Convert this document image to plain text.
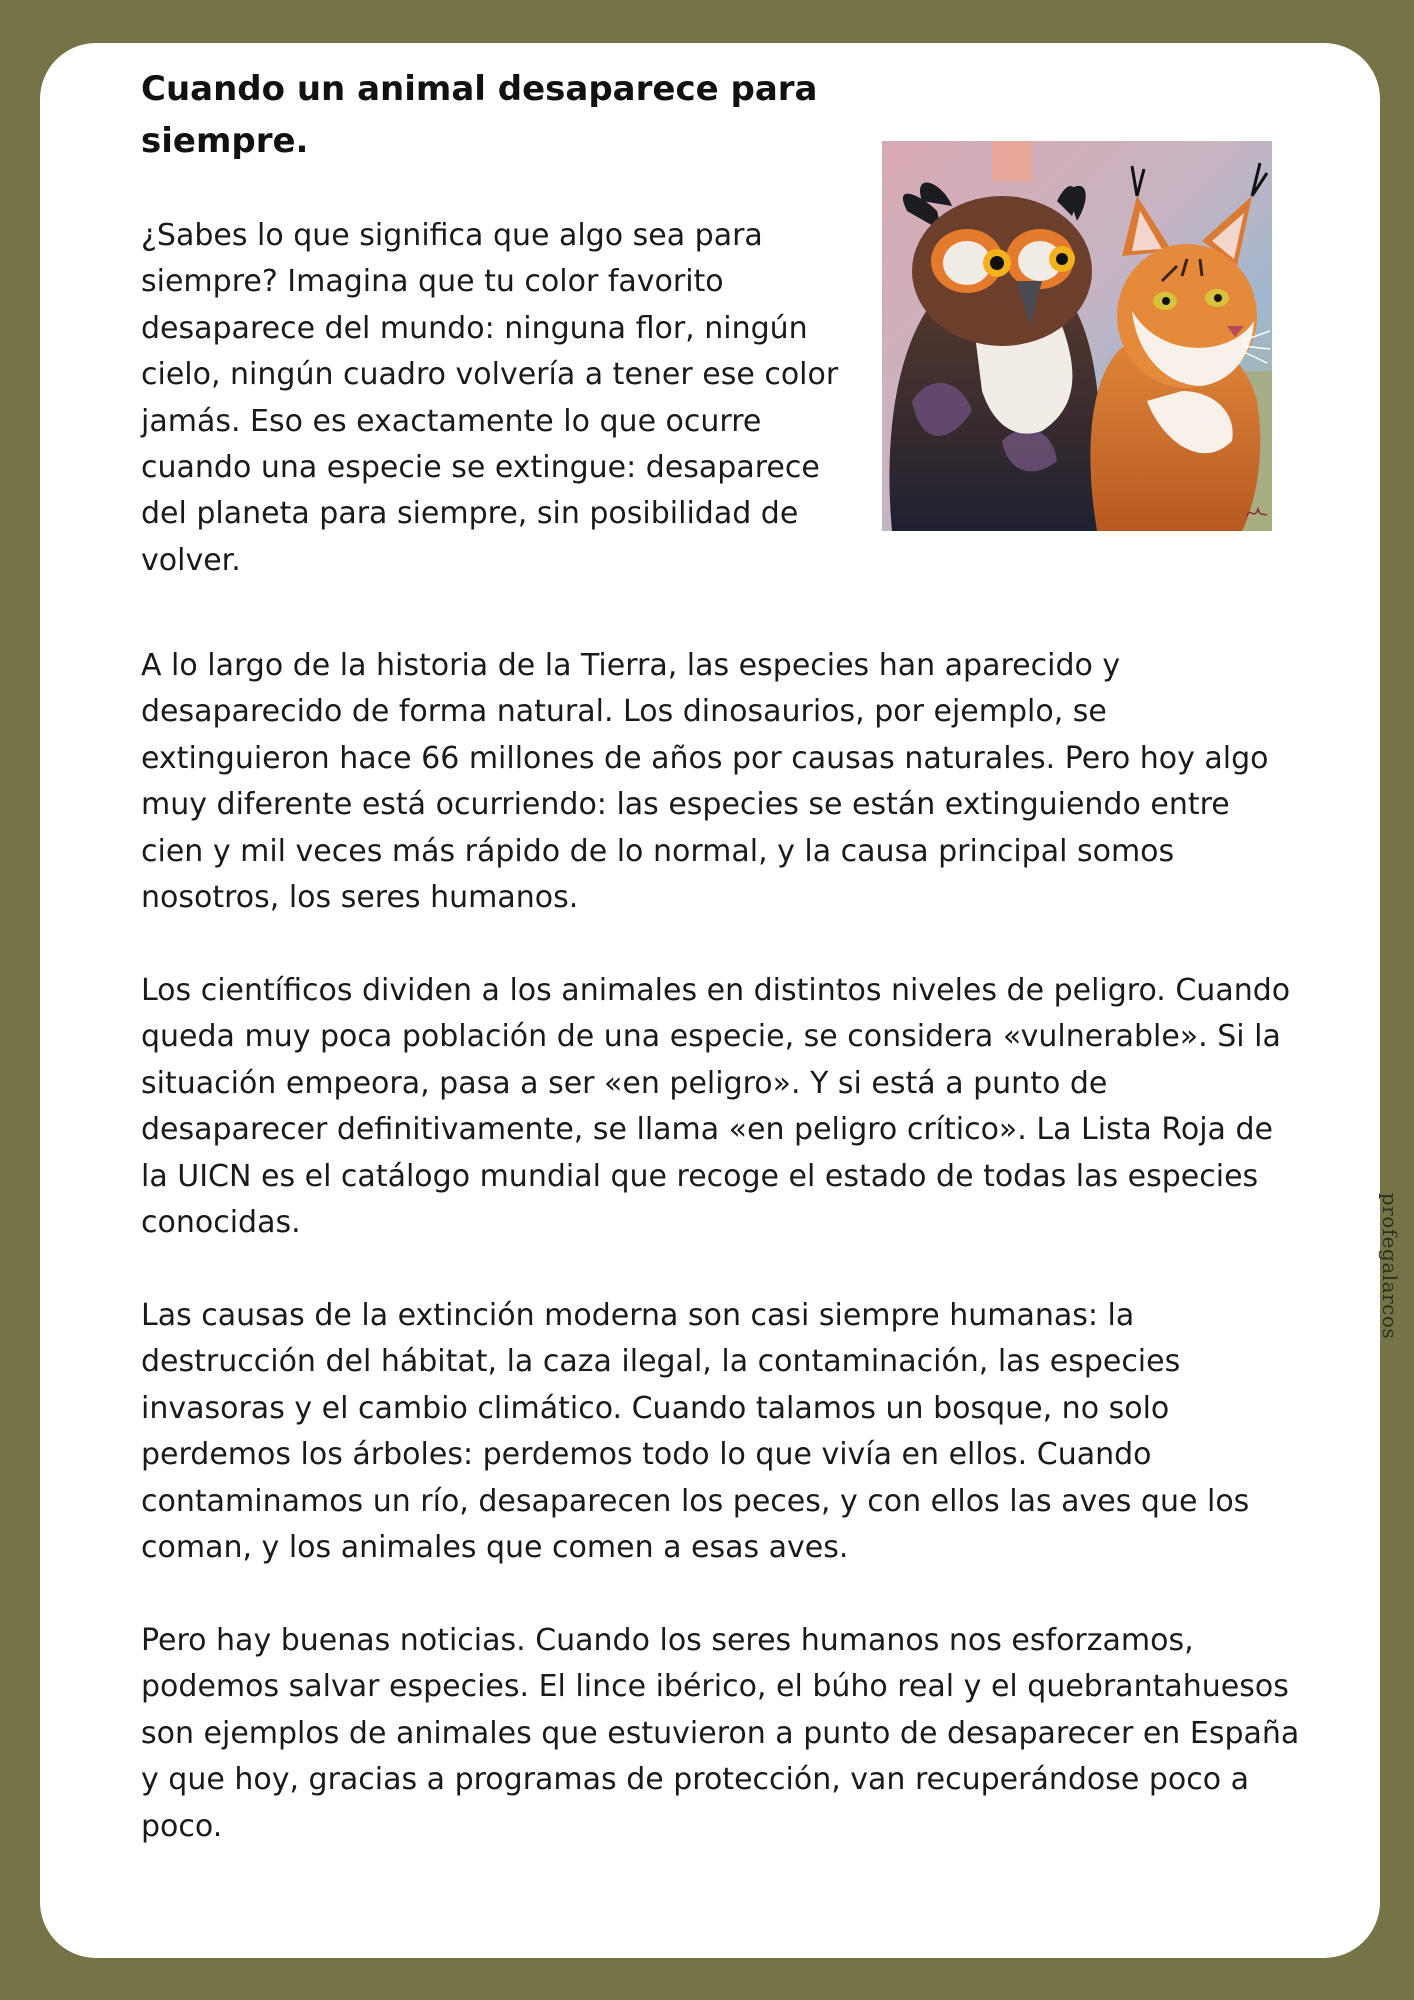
Cuando un animal desaparece para siempre.

¿Sabes lo que significa que algo sea para siempre? Imagina que tu color favorito desaparece del mundo: ninguna flor, ningún cielo, ningún cuadro volvería a tener ese color jamás. Eso es exactamente lo que ocurre cuando una especie se extingue: desaparece del planeta para siempre, sin posibilidad de volver.

A lo largo de la historia de la Tierra, las especies han aparecido y desaparecido de forma natural. Los dinosaurios, por ejemplo, se extinguieron hace 66 millones de años por causas naturales. Pero hoy algo muy diferente está ocurriendo: las especies se están extinguiendo entre cien y mil veces más rápido de lo normal, y la causa principal somos nosotros, los seres humanos.

Los científicos dividen a los animales en distintos niveles de peligro. Cuando queda muy poca población de una especie, se considera «vulnerable». Si la situación empeora, pasa a ser «en peligro». Y si está a punto de desaparecer definitivamente, se llama «en peligro crítico». La Lista Roja de la UICN es el catálogo mundial que recoge el estado de todas las especies conocidas.

Las causas de la extinción moderna son casi siempre humanas: la destrucción del hábitat, la caza ilegal, la contaminación, las especies invasoras y el cambio climático. Cuando talamos un bosque, no solo perdemos los árboles: perdemos todo lo que vivía en ellos. Cuando contaminamos un río, desaparecen los peces, y con ellos las aves que los coman, y los animales que comen a esas aves.

Pero hay buenas noticias. Cuando los seres humanos nos esforzamos, podemos salvar especies. El lince ibérico, el búho real y el quebrantahuesos son ejemplos de animales que estuvieron a punto de desaparecer en España y que hoy, gracias a programas de protección, van recuperándose poco a poco.

profegalarcos
